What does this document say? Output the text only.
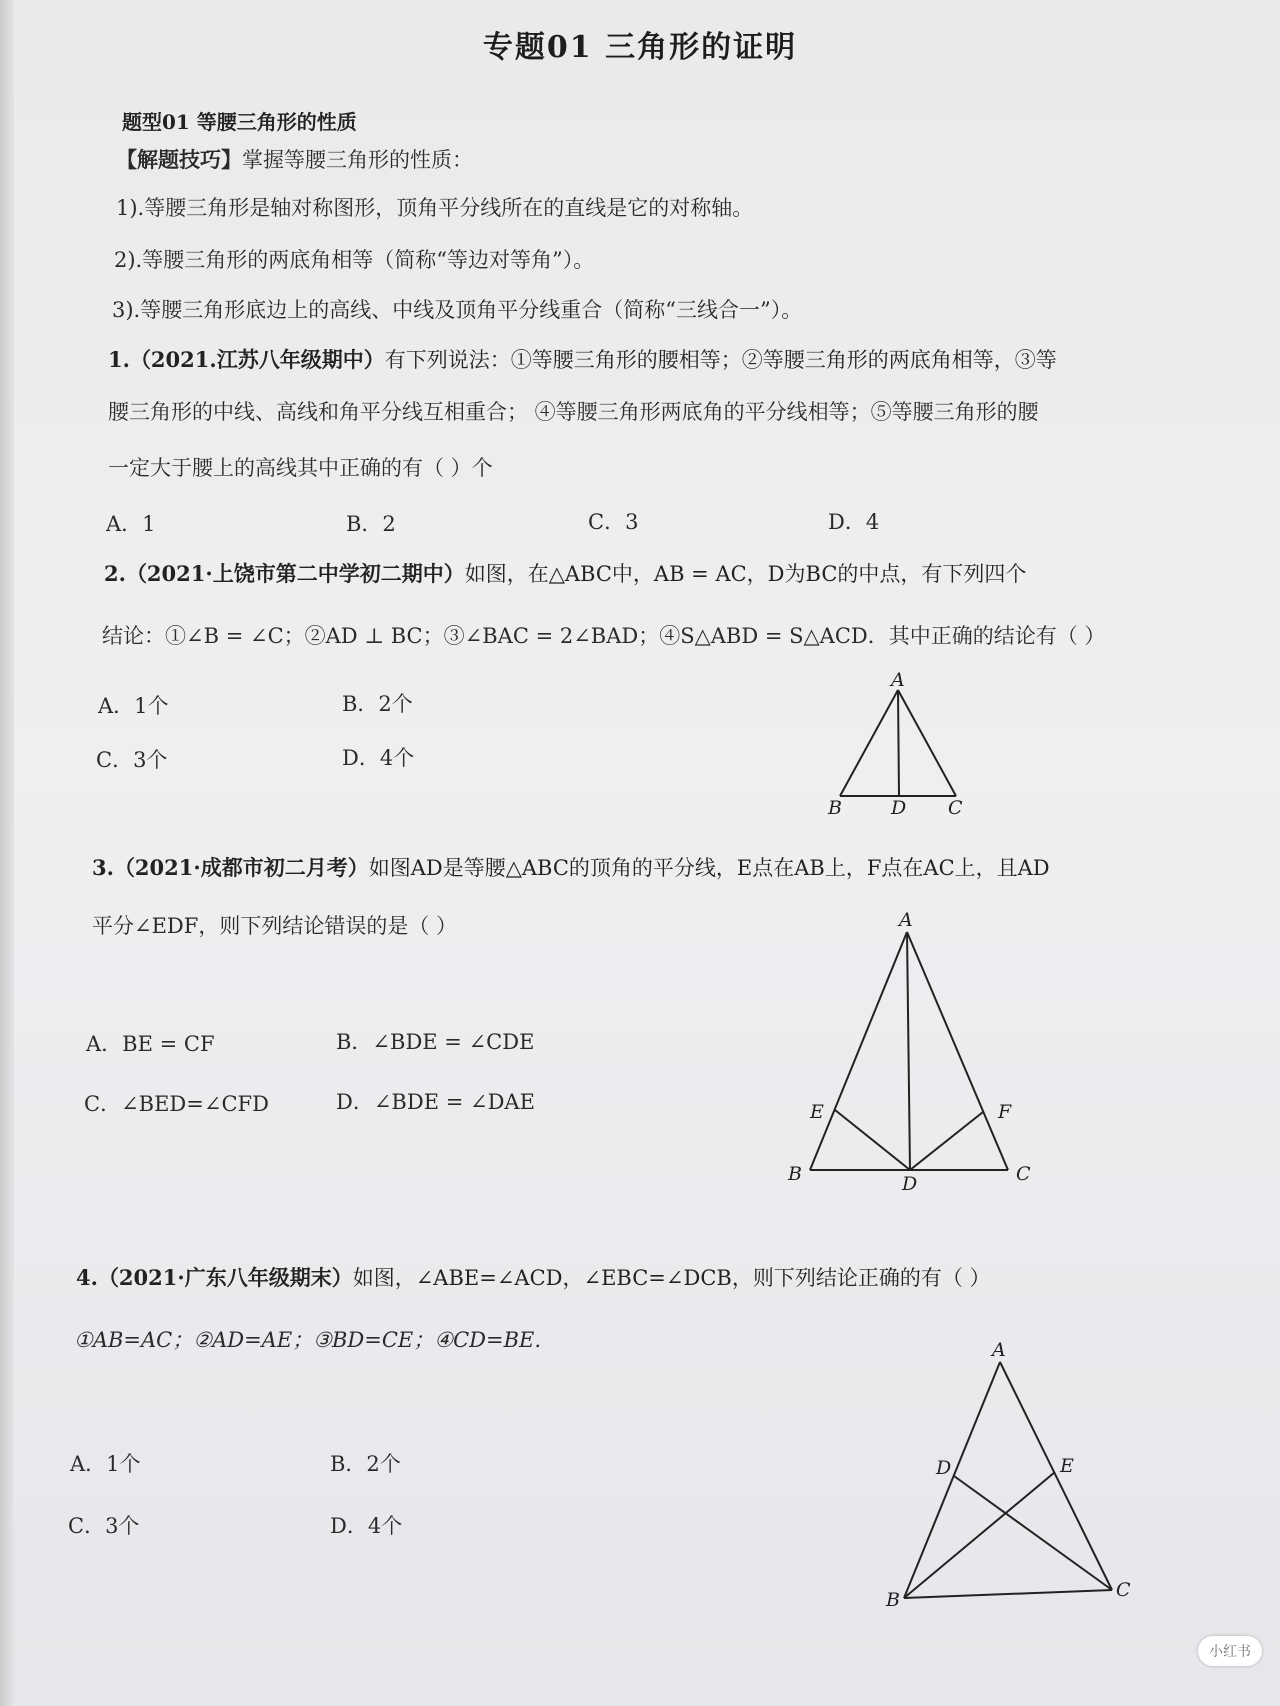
专题01 三角形的证明
题型01 等腰三角形的性质
【解题技巧】掌握等腰三角形的性质：
1).等腰三角形是轴对称图形，顶角平分线所在的直线是它的对称轴。
2).等腰三角形的两底角相等（简称“等边对等角”）。
3).等腰三角形底边上的高线、中线及顶角平分线重合（简称“三线合一”）。
1.（2021.江苏八年级期中）有下列说法：①等腰三角形的腰相等；②等腰三角形的两底角相等，③等
腰三角形的中线、高线和角平分线互相重合； ④等腰三角形两底角的平分线相等；⑤等腰三角形的腰
一定大于腰上的高线其中正确的有（ ）个
A．1	B．2	C．3	D．4
2.（2021·上饶市第二中学初二期中）如图，在△ABC中，AB = AC，D为BC的中点，有下列四个
结论：①∠B = ∠C；②AD ⊥ BC；③∠BAC = 2∠BAD；④S△ABD = S△ACD．其中正确的结论有（ ）
A．1个	B．2个
C．3个	D．4个
A
B	D C
3.（2021·成都市初二月考）如图AD是等腰△ABC的顶角的平分线，E点在AB上，F点在AC上，且AD
平分∠EDF，则下列结论错误的是（ ）
A．BE = CF	B．∠BDE = ∠CDE
C．∠BED=∠CFD	D．∠BDE = ∠DAE
A
E	F
B	D	C
4.（2021·广东八年级期末）如图，∠ABE=∠ACD，∠EBC=∠DCB，则下列结论正确的有（ ）
①AB=AC；②AD=AE；③BD=CE；④CD=BE.
A．1个	B．2个
C．3个	D．4个
A
D	E
B	C
小红书
